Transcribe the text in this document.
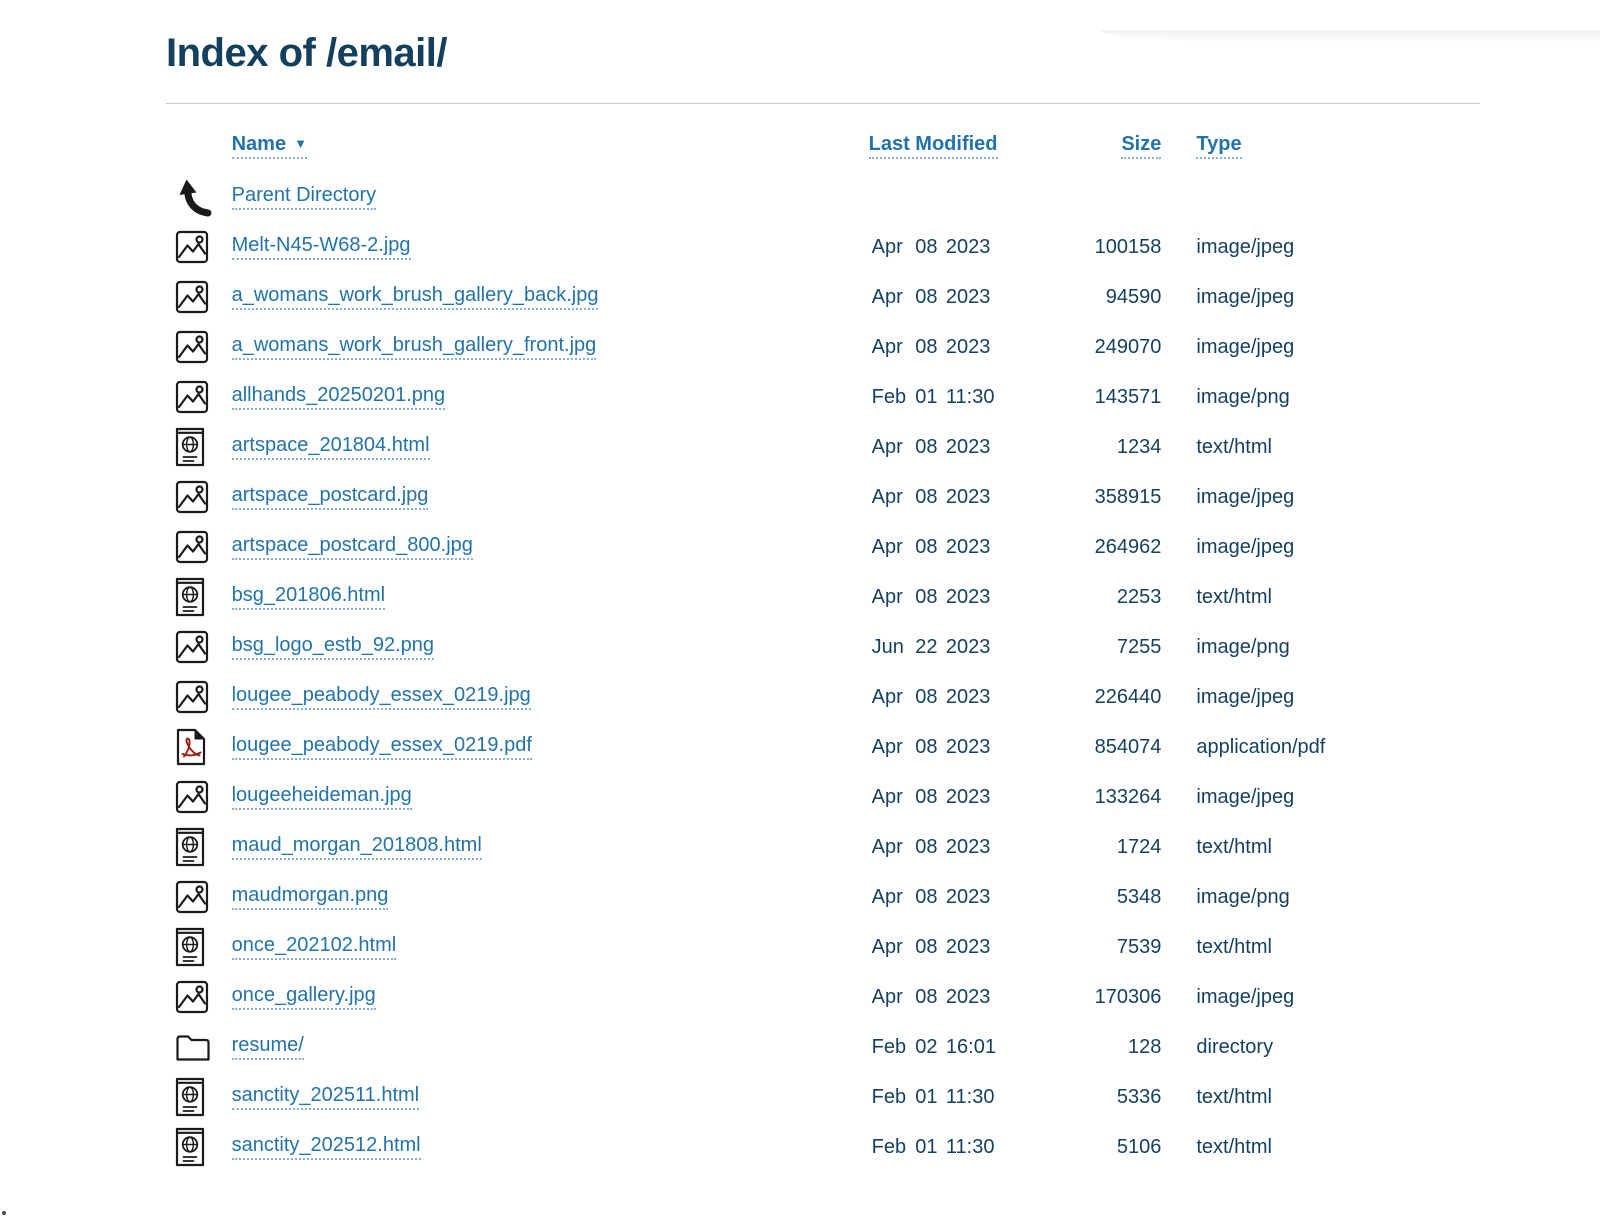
Index of /email/
	Name ▼	Last Modified			Size	Type

	Parent Directory					

	Melt-N45-W68-2.jpg	Apr	08	2023	100158	image/jpeg

	a_womans_work_brush_gallery_back.jpg	Apr	08	2023	94590	image/jpeg

	a_womans_work_brush_gallery_front.jpg	Apr	08	2023	249070	image/jpeg

	allhands_20250201.png	Feb	01	11:30	143571	image/png

	artspace_201804.html	Apr	08	2023	1234	text/html

	artspace_postcard.jpg	Apr	08	2023	358915	image/jpeg

	artspace_postcard_800.jpg	Apr	08	2023	264962	image/jpeg

	bsg_201806.html	Apr	08	2023	2253	text/html

	bsg_logo_estb_92.png	Jun	22	2023	7255	image/png

	lougee_peabody_essex_0219.jpg	Apr	08	2023	226440	image/jpeg

	lougee_peabody_essex_0219.pdf	Apr	08	2023	854074	application/pdf

	lougeeheideman.jpg	Apr	08	2023	133264	image/jpeg

	maud_morgan_201808.html	Apr	08	2023	1724	text/html

	maudmorgan.png	Apr	08	2023	5348	image/png

	once_202102.html	Apr	08	2023	7539	text/html

	once_gallery.jpg	Apr	08	2023	170306	image/jpeg

	resume/	Feb	02	16:01	128	directory

	sanctity_202511.html	Feb	01	11:30	5336	text/html

	sanctity_202512.html	Feb	01	11:30	5106	text/html
